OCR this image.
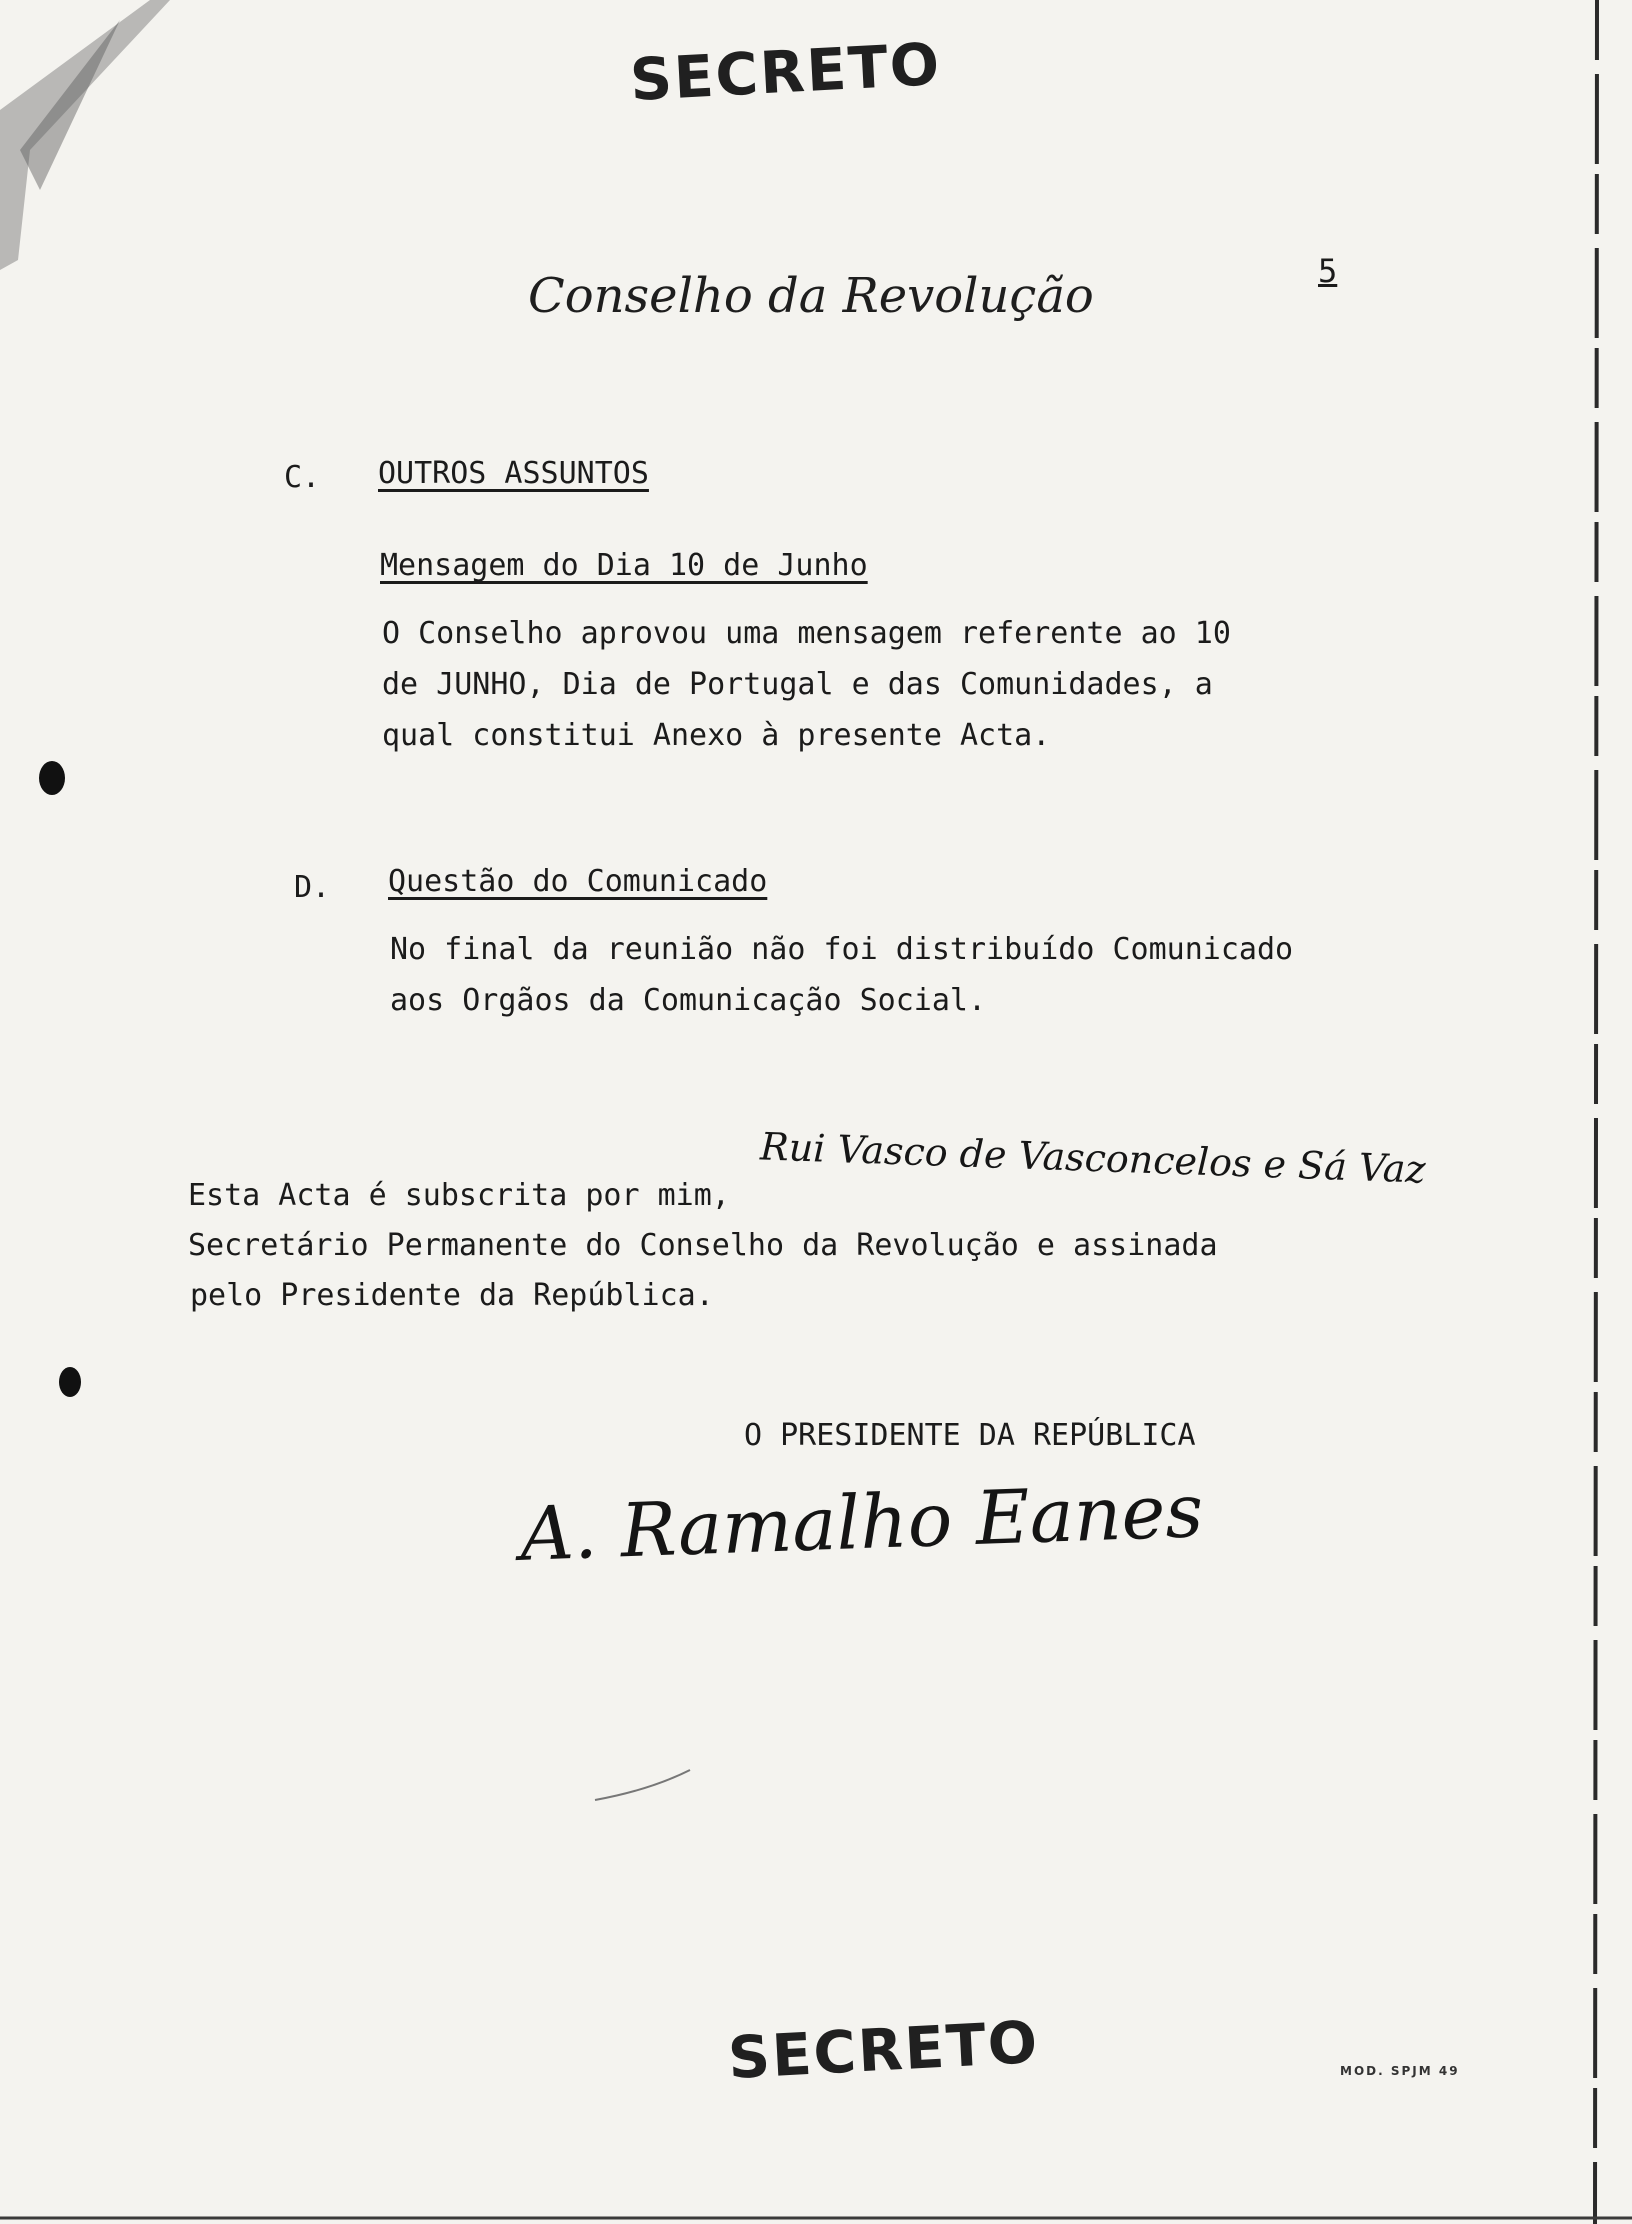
SECRETO
Conselho da Revolução	5
C. OUTROS ASSUNTOS
Mensagem do Dia 10 de Junho
O Conselho aprovou uma mensagem referente ao 10
de JUNHO, Dia de Portugal e das Comunidades, a
qual constitui Anexo à presente Acta.
D. Questão do Comunicado
No final da reunião não foi distribuído Comunicado
aos Orgãos da Comunicação Social.
Esta Acta é subscrita por mim,
Rui Vasco de Vasconcelos e Sá Vaz
Secretário Permanente do Conselho da Revolução e assinada
pelo Presidente da República.
O PRESIDENTE DA REPÚBLICA
A. Ramalho Eanes
SECRETO	MOD. SPJM 49
